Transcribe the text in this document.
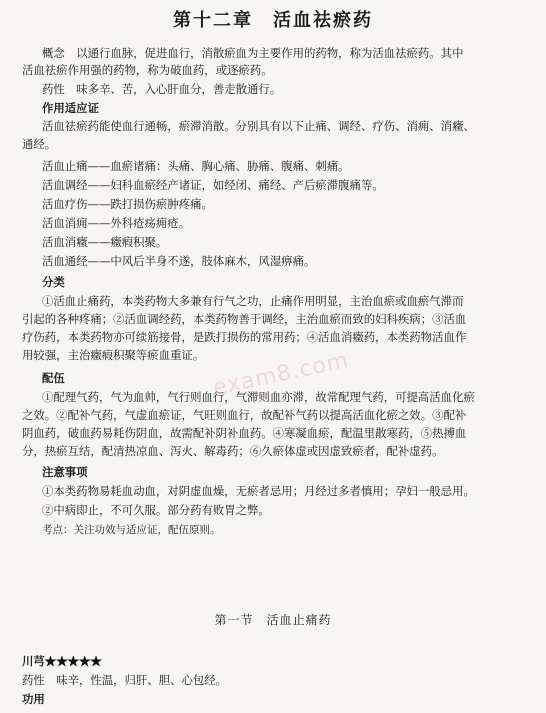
第十二章　活血祛瘀药
概念　以通行血脉，促进血行，消散瘀血为主要作用的药物，称为活血祛瘀药。其中
活血祛瘀作用强的药物，称为破血药，或逐瘀药。
药性　味多辛、苦，入心肝血分，善走散通行。
作用适应证
活血祛瘀药能使血行通畅，瘀滞消散。分别具有以下止痛、调经、疗伤、消痈、消癥、
通经。
活血止痛——血瘀诸痛：头痛、胸心痛、胁痛、腹痛、刺痛。
活血调经——妇科血瘀经产诸证，如经闭、痛经、产后瘀滞腹痛等。
活血疗伤——跌打损伤瘀肿疼痛。
活血消痈——外科疮疡痈疮。
活血消癥——癥瘕积聚。
活血通经——中风后半身不遂，肢体麻木，风湿痹痛。
分类
①活血止痛药，本类药物大多兼有行气之功，止痛作用明显，主治血瘀或血瘀气滞而
引起的各种疼痛；②活血调经药，本类药物善于调经，主治血瘀而致的妇科疾病；③活血
疗伤药，本类药物亦可续筋接骨，是跌打损伤的常用药；④活血消癥药，本类药物活血作
用较强，主治癥瘕积聚等瘀血重证。
配伍
①配理气药，气为血帅，气行则血行，气滞则血亦滞，故常配理气药，可提高活血化瘀
之效。②配补气药，气虚血瘀证，气旺则血行，故配补气药以提高活血化瘀之效。③配补
阴血药，破血药易耗伤阴血，故需配补阴补血药。④寒凝血瘀，配温里散寒药，⑤热搏血
分，热瘀互结，配清热凉血、泻火、解毒药；⑥久瘀体虚或因虚致瘀者，配补虚药。
注意事项
①本类药物易耗血动血，对阴虚血燥，无瘀者忌用；月经过多者慎用；孕妇一般忌用。
②中病即止，不可久服。部分药有败胃之弊。
考点：关注功效与适应证，配伍原则。
第一节　活血止痛药
川芎★★★★★
药性　味辛，性温，归肝、胆、心包经。
功用
exam8.com
